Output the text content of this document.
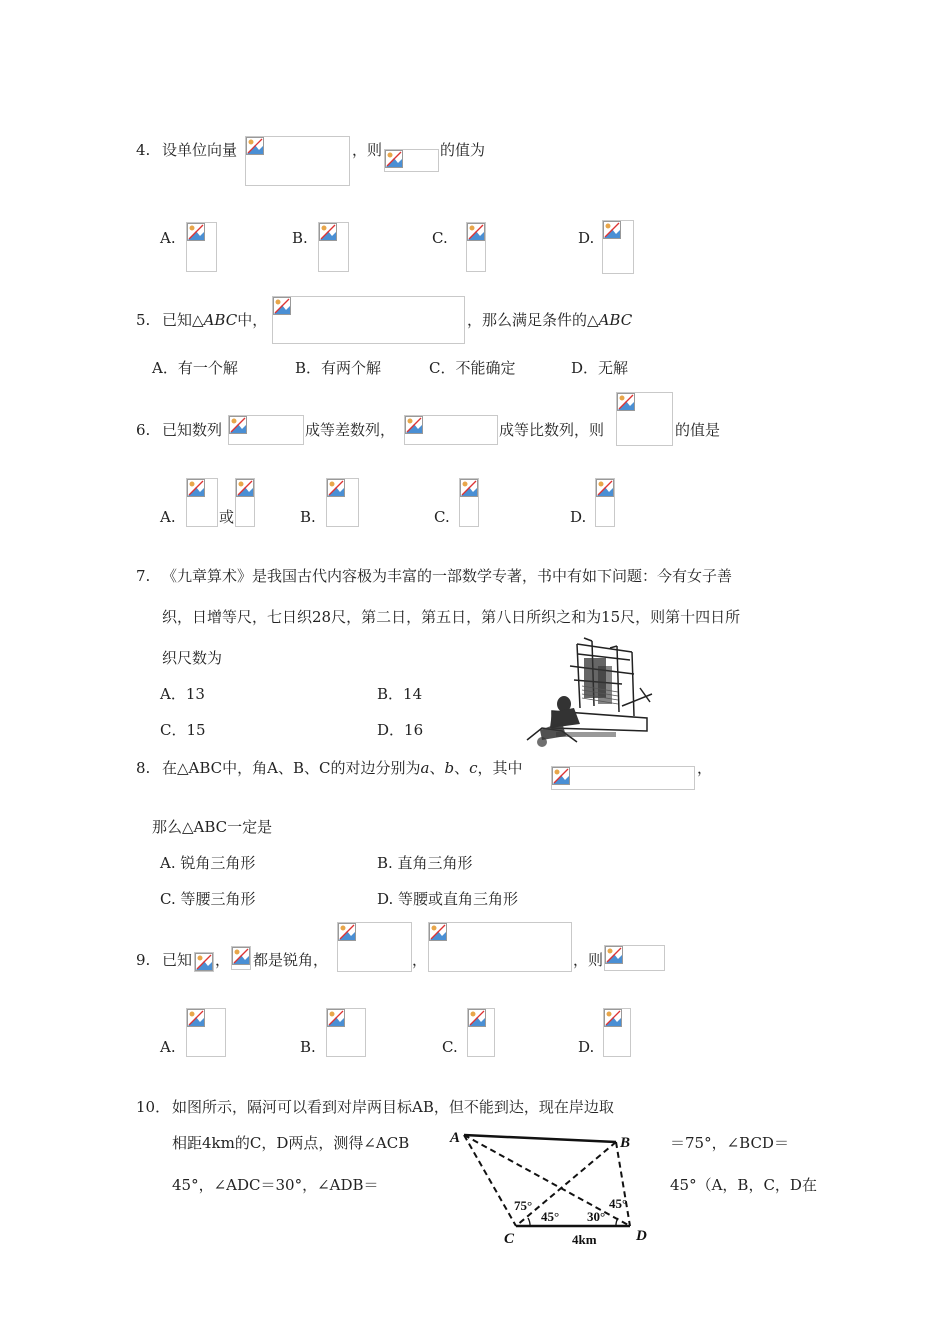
4. 设单位向量	，则	的值为
A.	B.	C.	D.
5. 已知△ABC中，	，那么满足条件的△ABC
A．有一个解	B．有两个解	C．不能确定	D．无解
6. 已知数列	成等差数列，	成等比数列，则	的值是
A.	或	B.	C.	D.
7. 《九章算术》是我国古代内容极为丰富的一部数学专著，书中有如下问题：今有女子善
织，日增等尺，七日织28尺，第二日，第五日，第八日所织之和为15尺，则第十四日所
织尺数为
A．13	B．14
C．15	D．16
8. 在△ABC中，角A、B、C的对边分别为a、b、c，其中	，
那么△ABC一定是
A. 锐角三角形	B. 直角三角形
C. 等腰三角形	D. 等腰或直角三角形
9. 已知 ， 都是锐角，	，	，则
A.	B.	C.	D.
10． 如图所示，隔河可以看到对岸两目标AB，但不能到达，现在岸边取
相距4km的C，D两点，测得∠ACB	＝75°，∠BCD＝
45°，∠ADC＝30°，∠ADB＝	45°（A，B，C，D在
A	B
C	D
75°
45° 30°
45°
4km
